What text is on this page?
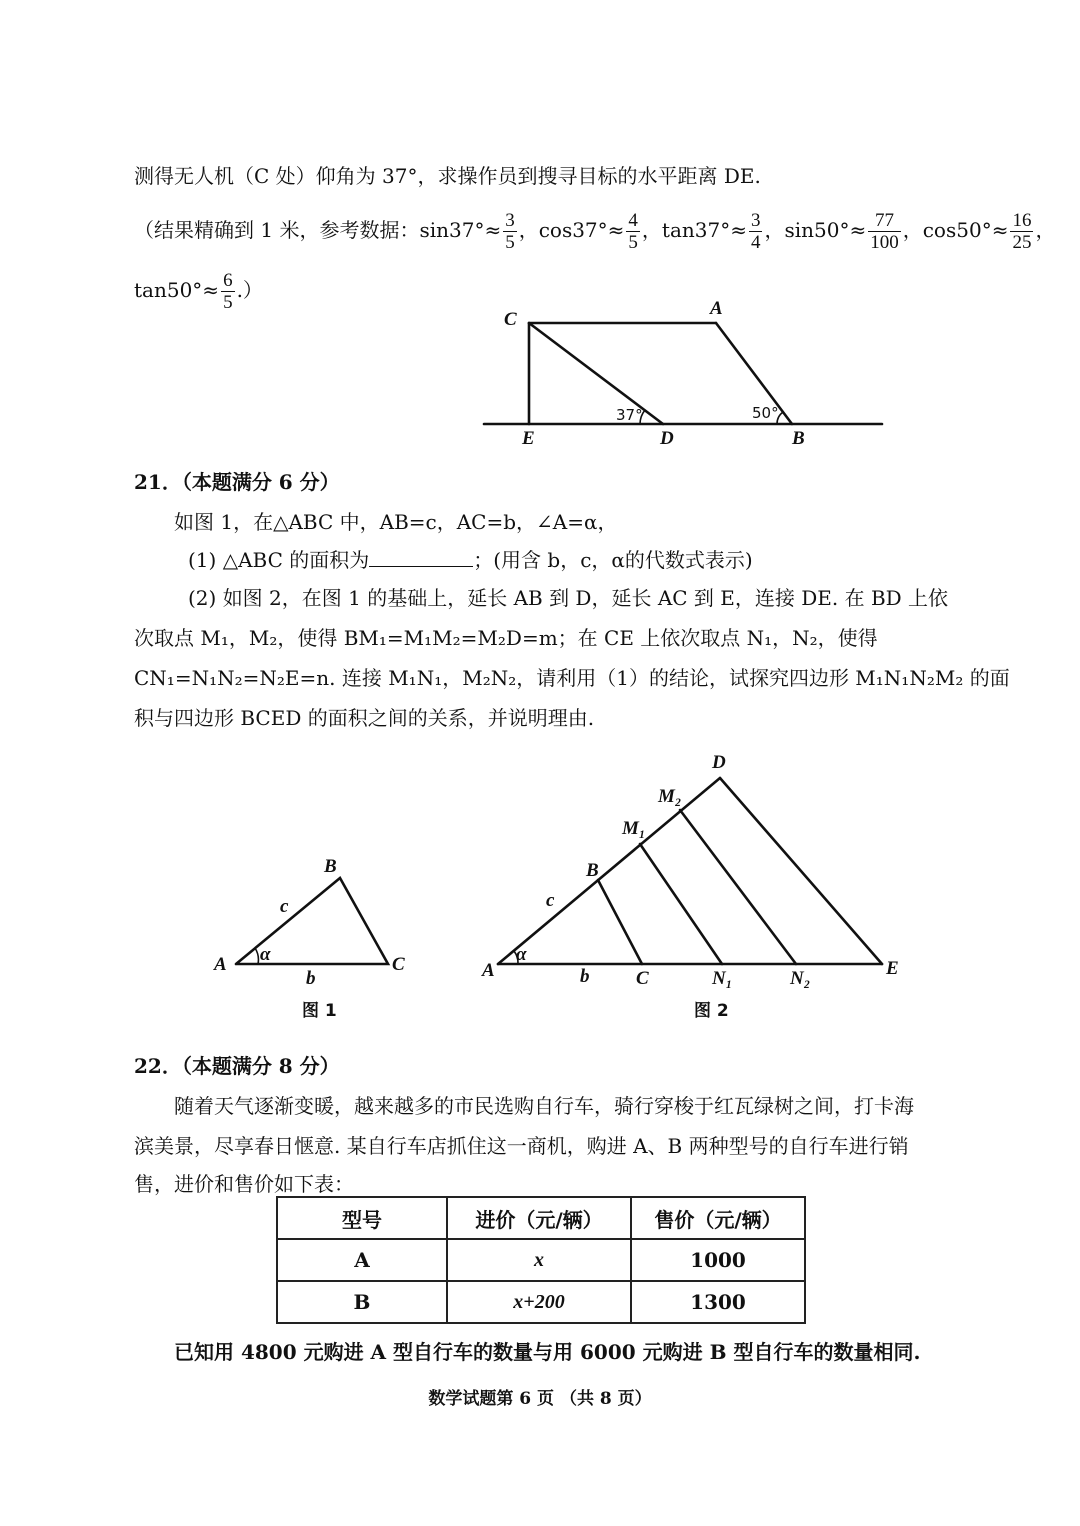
测得无人机（C 处）仰角为 37°，求操作员到搜寻目标的水平距离 DE.
（结果精确到 1 米，参考数据：$\sin 37^\circ\approx \frac{3}{5}$ ，$\cos 37^\circ\approx \frac{4}{5}$ ，$\tan 37^\circ\approx \frac{3}{4}$ ，$\sin 50^\circ\approx \frac{77}{100}$ ，$\cos 50^\circ\approx \frac{16}{25}$ ，
$\tan 50^\circ\approx \frac{6}{5}$ .）
C
A
E	D	B
37°	50°
21．（本题满分 6 分）
如图 1，在△ABC 中，AB=c，AC=b，∠A=α，
(1) △ABC 的面积为	；(用含 b，c，α的代数式表示)
(2) 如图 2，在图 1 的基础上，延长 AB 到 D，延长 AC 到 E，连接 DE. 在 BD 上依
次取点 M₁，M₂，使得 BM₁=M₁M₂=M₂D=m；在 CE 上依次取点 N₁，N₂，使得
CN₁=N₁N₂=N₂E=n. 连接 M₁N₁，M₂N₂，请利用（1）的结论，试探究四边形 M₁N₁N₂M₂ 的面
积与四边形 BCED 的面积之间的关系，并说明理由.
A
B
C
c
b
α
图 1
A
B
C
D
E
M₁
M₂
N₁	N₂
c
b
α
图 2
22．（本题满分 8 分）
随着天气逐渐变暖，越来越多的市民选购自行车，骑行穿梭于红瓦绿树之间，打卡海
滨美景，尽享春日惬意. 某自行车店抓住这一商机，购进 A、B 两种型号的自行车进行销
售，进价和售价如下表：
型号	进价（元/辆）	售价（元/辆）
A	x	1000
B	x+200	1300
已知用 4800 元购进 A 型自行车的数量与用 6000 元购进 B 型自行车的数量相同.
数学试题第 6 页 （共 8 页）
